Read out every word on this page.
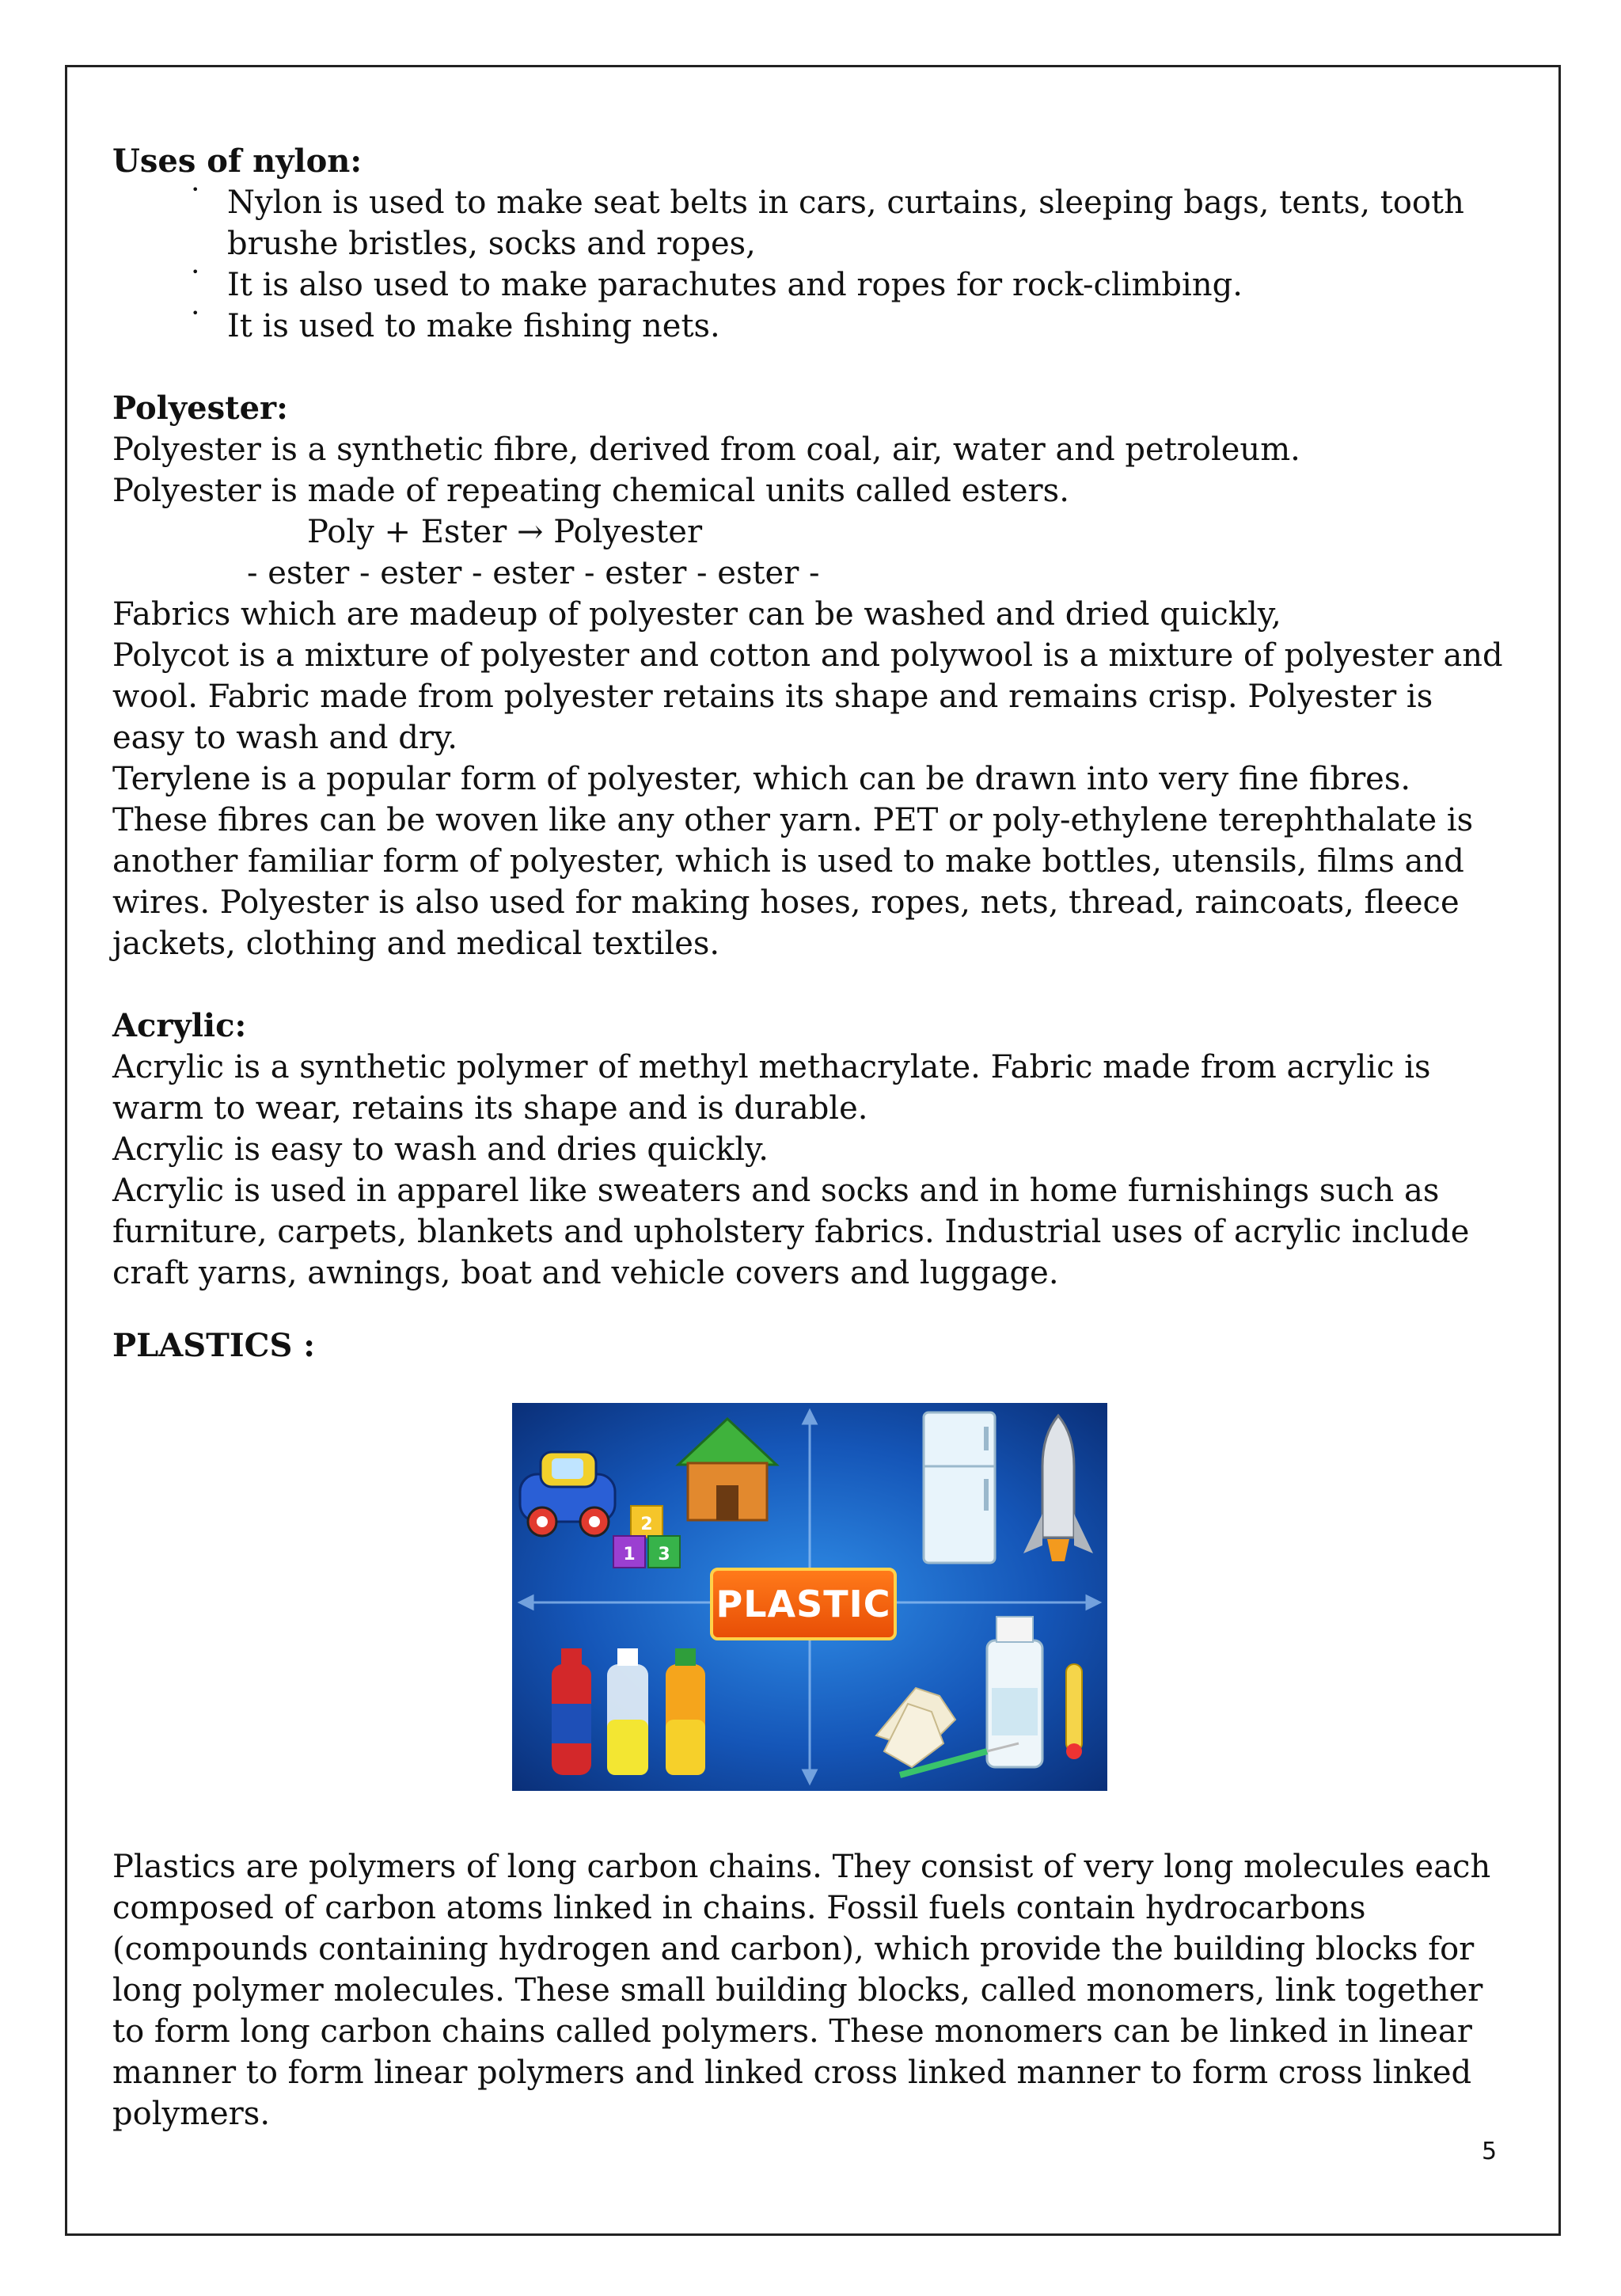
Uses of nylon:
• Nylon is used to make seat belts in cars, curtains, sleeping bags, tents, tooth
brushe bristles, socks and ropes,
• It is also used to make parachutes and ropes for rock-climbing.
• It is used to make fishing nets.
Polyester:
Polyester is a synthetic fibre, derived from coal, air, water and petroleum.
Polyester is made of repeating chemical units called esters.
Poly + Ester → Polyester
- ester - ester - ester - ester - ester -
Fabrics which are madeup of polyester can be washed and dried quickly,
Polycot is a mixture of polyester and cotton and polywool is a mixture of polyester and
wool. Fabric made from polyester retains its shape and remains crisp. Polyester is
easy to wash and dry.
Terylene is a popular form of polyester, which can be drawn into very fine fibres.
These fibres can be woven like any other yarn. PET or poly-ethylene terephthalate is
another familiar form of polyester, which is used to make bottles, utensils, films and
wires. Polyester is also used for making hoses, ropes, nets, thread, raincoats, fleece
jackets, clothing and medical textiles.
Acrylic:
Acrylic is a synthetic polymer of methyl methacrylate. Fabric made from acrylic is
warm to wear, retains its shape and is durable.
Acrylic is easy to wash and dries quickly.
Acrylic is used in apparel like sweaters and socks and in home furnishings such as
furniture, carpets, blankets and upholstery fabrics. Industrial uses of acrylic include
craft yarns, awnings, boat and vehicle covers and luggage.
PLASTICS :
2
1 3
PLASTIC
Plastics are polymers of long carbon chains. They consist of very long molecules each
composed of carbon atoms linked in chains. Fossil fuels contain hydrocarbons
(compounds containing hydrogen and carbon), which provide the building blocks for
long polymer molecules. These small building blocks, called monomers, link together
to form long carbon chains called polymers. These monomers can be linked in linear
manner to form linear polymers and linked cross linked manner to form cross linked
polymers.
5
